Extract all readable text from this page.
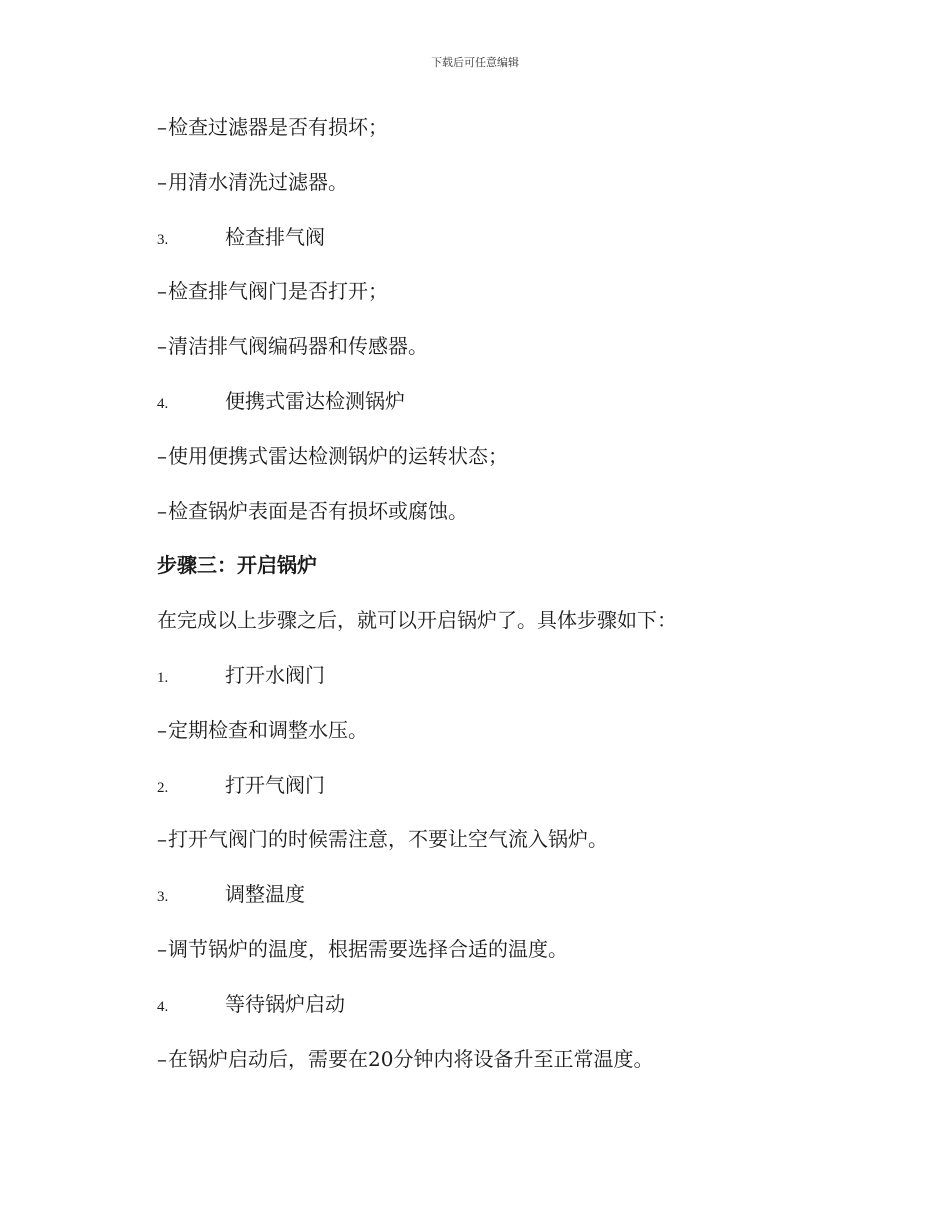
下载后可任意编辑
–检查过滤器是否有损坏；
–用清水清洗过滤器。
3.	检查排气阀
–检查排气阀门是否打开；
–清洁排气阀编码器和传感器。
4.	便携式雷达检测锅炉
–使用便携式雷达检测锅炉的运转状态；
–检查锅炉表面是否有损坏或腐蚀。
步骤三：开启锅炉
在完成以上步骤之后，就可以开启锅炉了。具体步骤如下：
1.	打开水阀门
–定期检查和调整水压。
2.	打开气阀门
–打开气阀门的时候需注意，不要让空气流入锅炉。
3.	调整温度
–调节锅炉的温度，根据需要选择合适的温度。
4.	等待锅炉启动
–在锅炉启动后，需要在20分钟内将设备升至正常温度。
